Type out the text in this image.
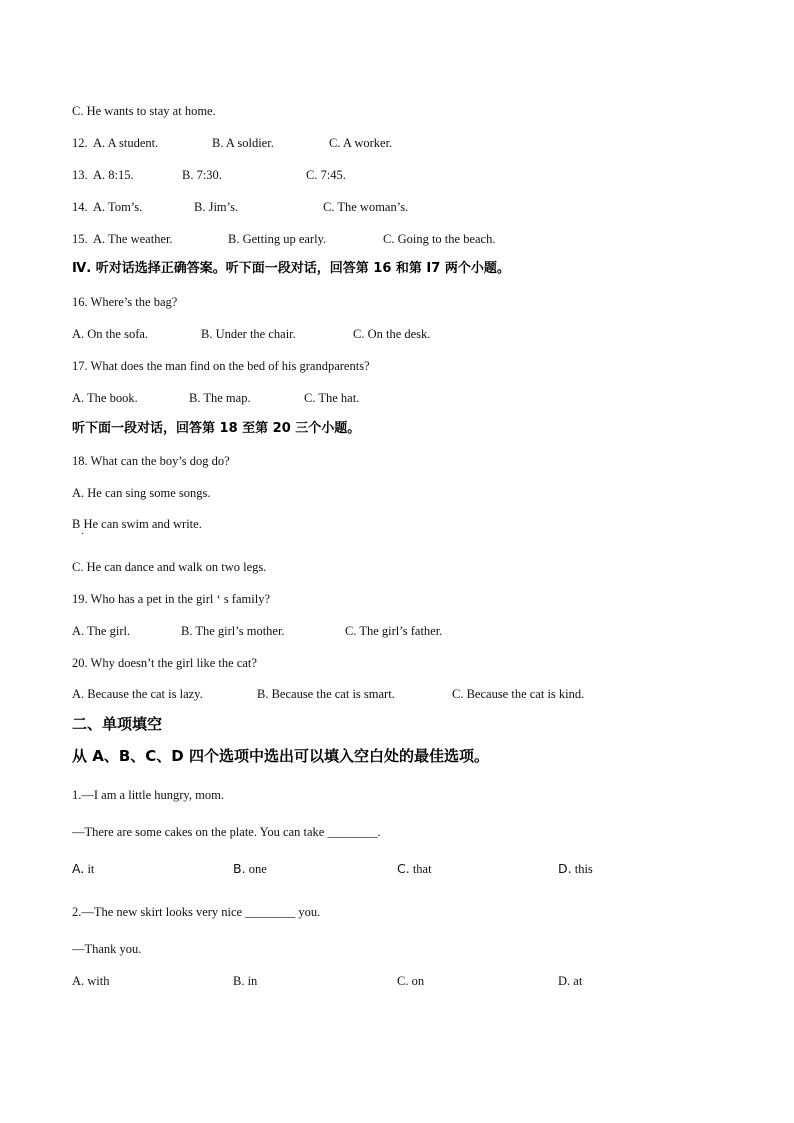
C. He wants to stay at home.

12. A. A student.	B. A soldier.	C. A worker.

13. A. 8:15.	B. 7:30.	C. 7:45.

14. A. Tom’s.	B. Jim’s.	C. The woman’s.

15. A. The weather.	B. Getting up early.	C. Going to the beach.

Ⅳ. 听对话选择正确答案。听下面一段对话，回答第 16 和第 I7 两个小题。

16. Where’s the bag?

A. On the sofa.	B. Under the chair.	C. On the desk.

17. What does the man find on the bed of his grandparents?

A. The book.	B. The map.	C. The hat.

听下面一段对话，回答第 18 至第 20 三个小题。

18. What can the boy’s dog do?

A. He can sing some songs.

B He can swim and write.

·

C. He can dance and walk on two legs.

19. Who has a pet in the girl ‘ s family?

A. The girl.	B. The girl’s mother.	C. The girl’s father.

20. Why doesn’t the girl like the cat?

A. Because the cat is lazy.	B. Because the cat is smart.	C. Because the cat is kind.

二、单项填空

从 A、B、C、D 四个选项中选出可以填入空白处的最佳选项。

1.—I am a little hungry, mom.

—There are some cakes on the plate. You can take ________.

A. it	B. one	C. that	D. this

2.—The new skirt looks very nice ________ you.

—Thank you.

A. with	B. in	C. on	D. at
